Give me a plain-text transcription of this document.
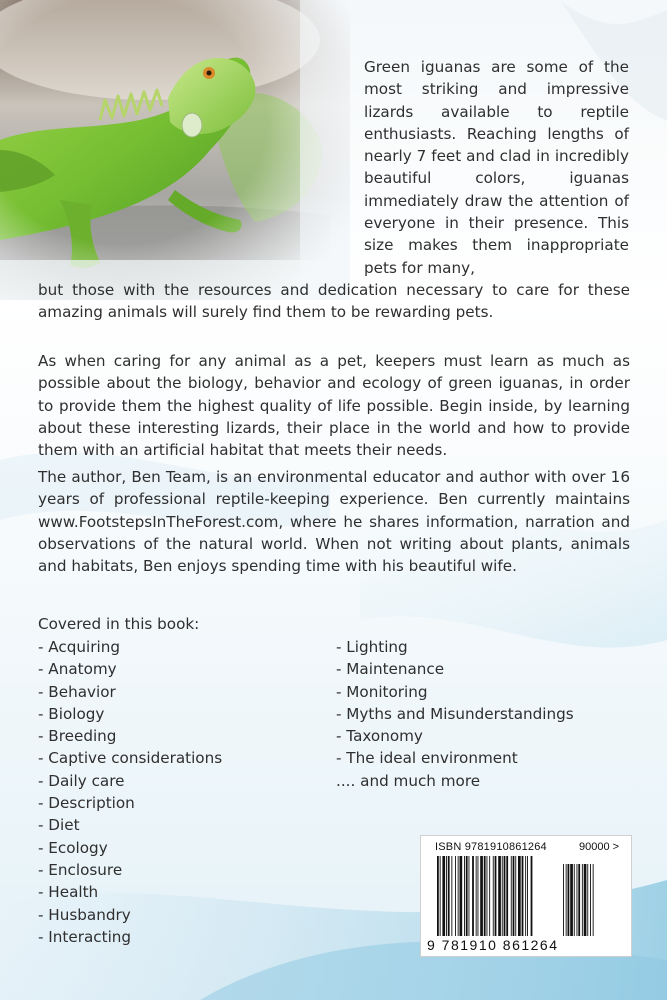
Green iguanas are some of the most striking and impressive lizards available to reptile enthusiasts. Reaching lengths of nearly 7 feet and clad in incredibly beautiful colors, iguanas immediately draw the attention of everyone in their presence. This size makes them inappropriate pets for many,
but those with the resources and dedication necessary to care for these amazing animals will surely find them to be rewarding pets.
As when caring for any animal as a pet, keepers must learn as much as possible about the biology, behavior and ecology of green iguanas, in order to provide them the highest quality of life possible. Begin inside, by learning about these interesting lizards, their place in the world and how to provide them with an artificial habitat that meets their needs.
The author, Ben Team, is an environmental educator and author with over 16 years of professional reptile-keeping experience. Ben currently maintains www.FootstepsInTheForest.com, where he shares information, narration and observations of the natural world. When not writing about plants, animals and habitats, Ben enjoys spending time with his beautiful wife.
Covered in this book:
- Acquiring
- Anatomy
- Behavior
- Biology
- Breeding
- Captive considerations
- Daily care
- Description
- Diet
- Ecology
- Enclosure
- Health
- Husbandry
- Interacting
- Lighting
- Maintenance
- Monitoring
- Myths and Misunderstandings
- Taxonomy
- The ideal environment
.... and much more
ISBN 9781910861264	90000 >
9 781910 861264
